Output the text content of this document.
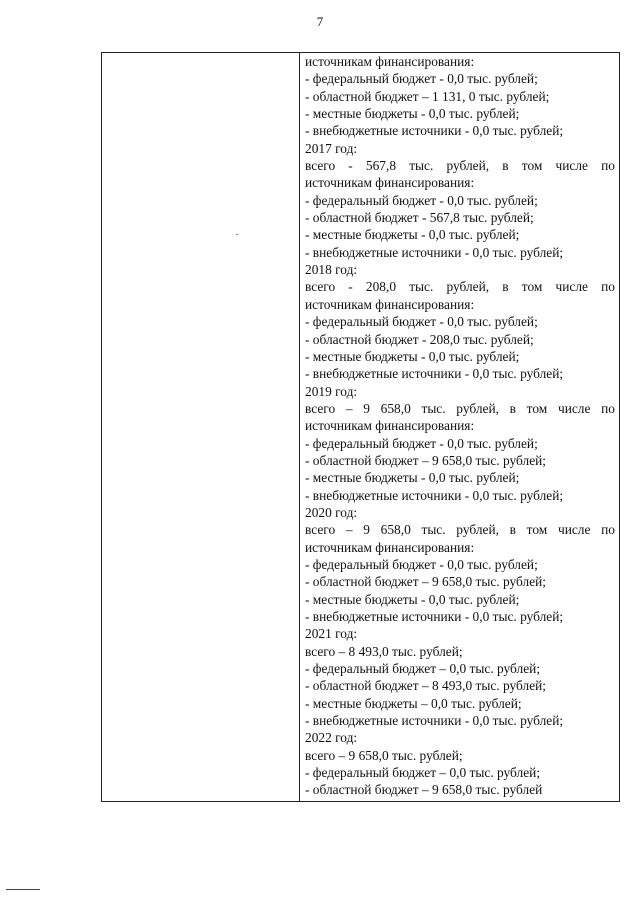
7
источникам финансирования:
- федеральный бюджет - 0,0 тыс. рублей;
- областной бюджет – 1 131, 0 тыс. рублей;
- местные бюджеты - 0,0 тыс. рублей;
- внебюджетные источники - 0,0 тыс. рублей;
2017 год:
всего - 567,8 тыс. рублей, в том числе по
источникам финансирования:
- федеральный бюджет - 0,0 тыс. рублей;
- областной бюджет - 567,8 тыс. рублей;
- местные бюджеты - 0,0 тыс. рублей;
- внебюджетные источники - 0,0 тыс. рублей;
2018 год:
всего - 208,0 тыс. рублей, в том числе по
источникам финансирования:
- федеральный бюджет - 0,0 тыс. рублей;
- областной бюджет - 208,0 тыс. рублей;
- местные бюджеты - 0,0 тыс. рублей;
- внебюджетные источники - 0,0 тыс. рублей;
2019 год:
всего – 9 658,0 тыс. рублей, в том числе по
источникам финансирования:
- федеральный бюджет - 0,0 тыс. рублей;
- областной бюджет – 9 658,0 тыс. рублей;
- местные бюджеты - 0,0 тыс. рублей;
- внебюджетные источники - 0,0 тыс. рублей;
2020 год:
всего – 9 658,0 тыс. рублей, в том числе по
источникам финансирования:
- федеральный бюджет - 0,0 тыс. рублей;
- областной бюджет – 9 658,0 тыс. рублей;
- местные бюджеты - 0,0 тыс. рублей;
- внебюджетные источники - 0,0 тыс. рублей;
2021 год:
всего – 8 493,0 тыс. рублей;
- федеральный бюджет – 0,0 тыс. рублей;
- областной бюджет – 8 493,0 тыс. рублей;
- местные бюджеты – 0,0 тыс. рублей;
- внебюджетные источники - 0,0 тыс. рублей;
2022 год:
всего – 9 658,0 тыс. рублей;
- федеральный бюджет – 0,0 тыс. рублей;
- областной бюджет – 9 658,0 тыс. рублей
